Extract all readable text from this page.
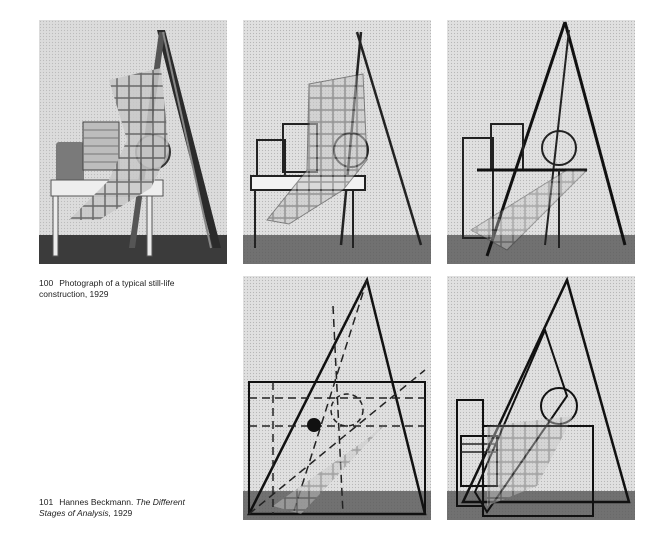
100 Photograph of a typical still-life
construction, 1929
101 Hannes Beckmann. The Different
Stages of Analysis, 1929
